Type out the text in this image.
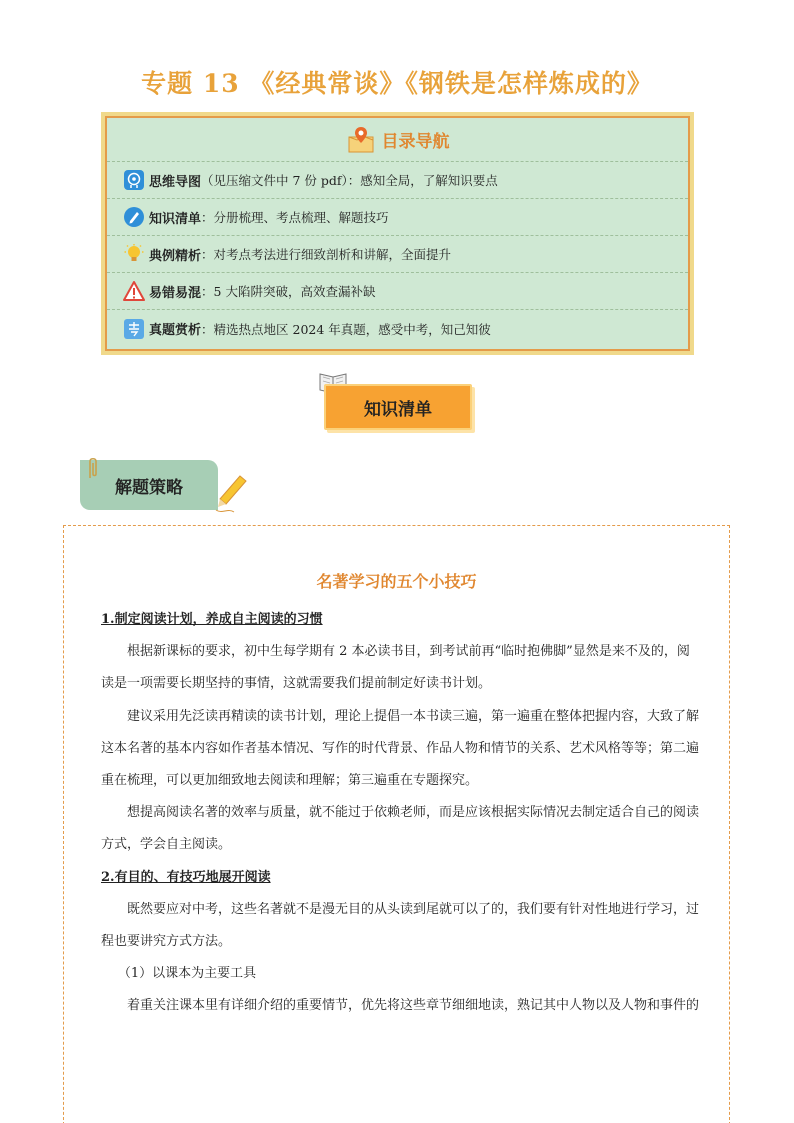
专题 13 《经典常谈》《钢铁是怎样炼成的》
目录导航
思维导图 （见压缩文件中 7 份 pdf）：感知全局，了解知识要点
知识清单 ：分册梳理、考点梳理、解题技巧
典例精析 ：对考点考法进行细致剖析和讲解，全面提升
易错易混 ：5 大陷阱突破，高效查漏补缺
真题赏析 ：精选热点地区 2024 年真题，感受中考，知己知彼
知识清单
解题策略
名著学习的五个小技巧
1.制定阅读计划，养成自主阅读的习惯
根据新课标的要求，初中生每学期有 2 本必读书目，到考试前再“临时抱佛脚”显然是来不及的，阅
读是一项需要长期坚持的事情，这就需要我们提前制定好读书计划。
建议采用先泛读再精读的读书计划，理论上提倡一本书读三遍，第一遍重在整体把握内容，大致了解
这本名著的基本内容如作者基本情况、写作的时代背景、作品人物和情节的关系、艺术风格等等；第二遍
重在梳理，可以更加细致地去阅读和理解；第三遍重在专题探究。
想提高阅读名著的效率与质量，就不能过于依赖老师，而是应该根据实际情况去制定适合自己的阅读
方式，学会自主阅读。
2.有目的、有技巧地展开阅读
既然要应对中考，这些名著就不是漫无目的从头读到尾就可以了的，我们要有针对性地进行学习，过
程也要讲究方式方法。
（1）以课本为主要工具
着重关注课本里有详细介绍的重要情节，优先将这些章节细细地读，熟记其中人物以及人物和事件的
